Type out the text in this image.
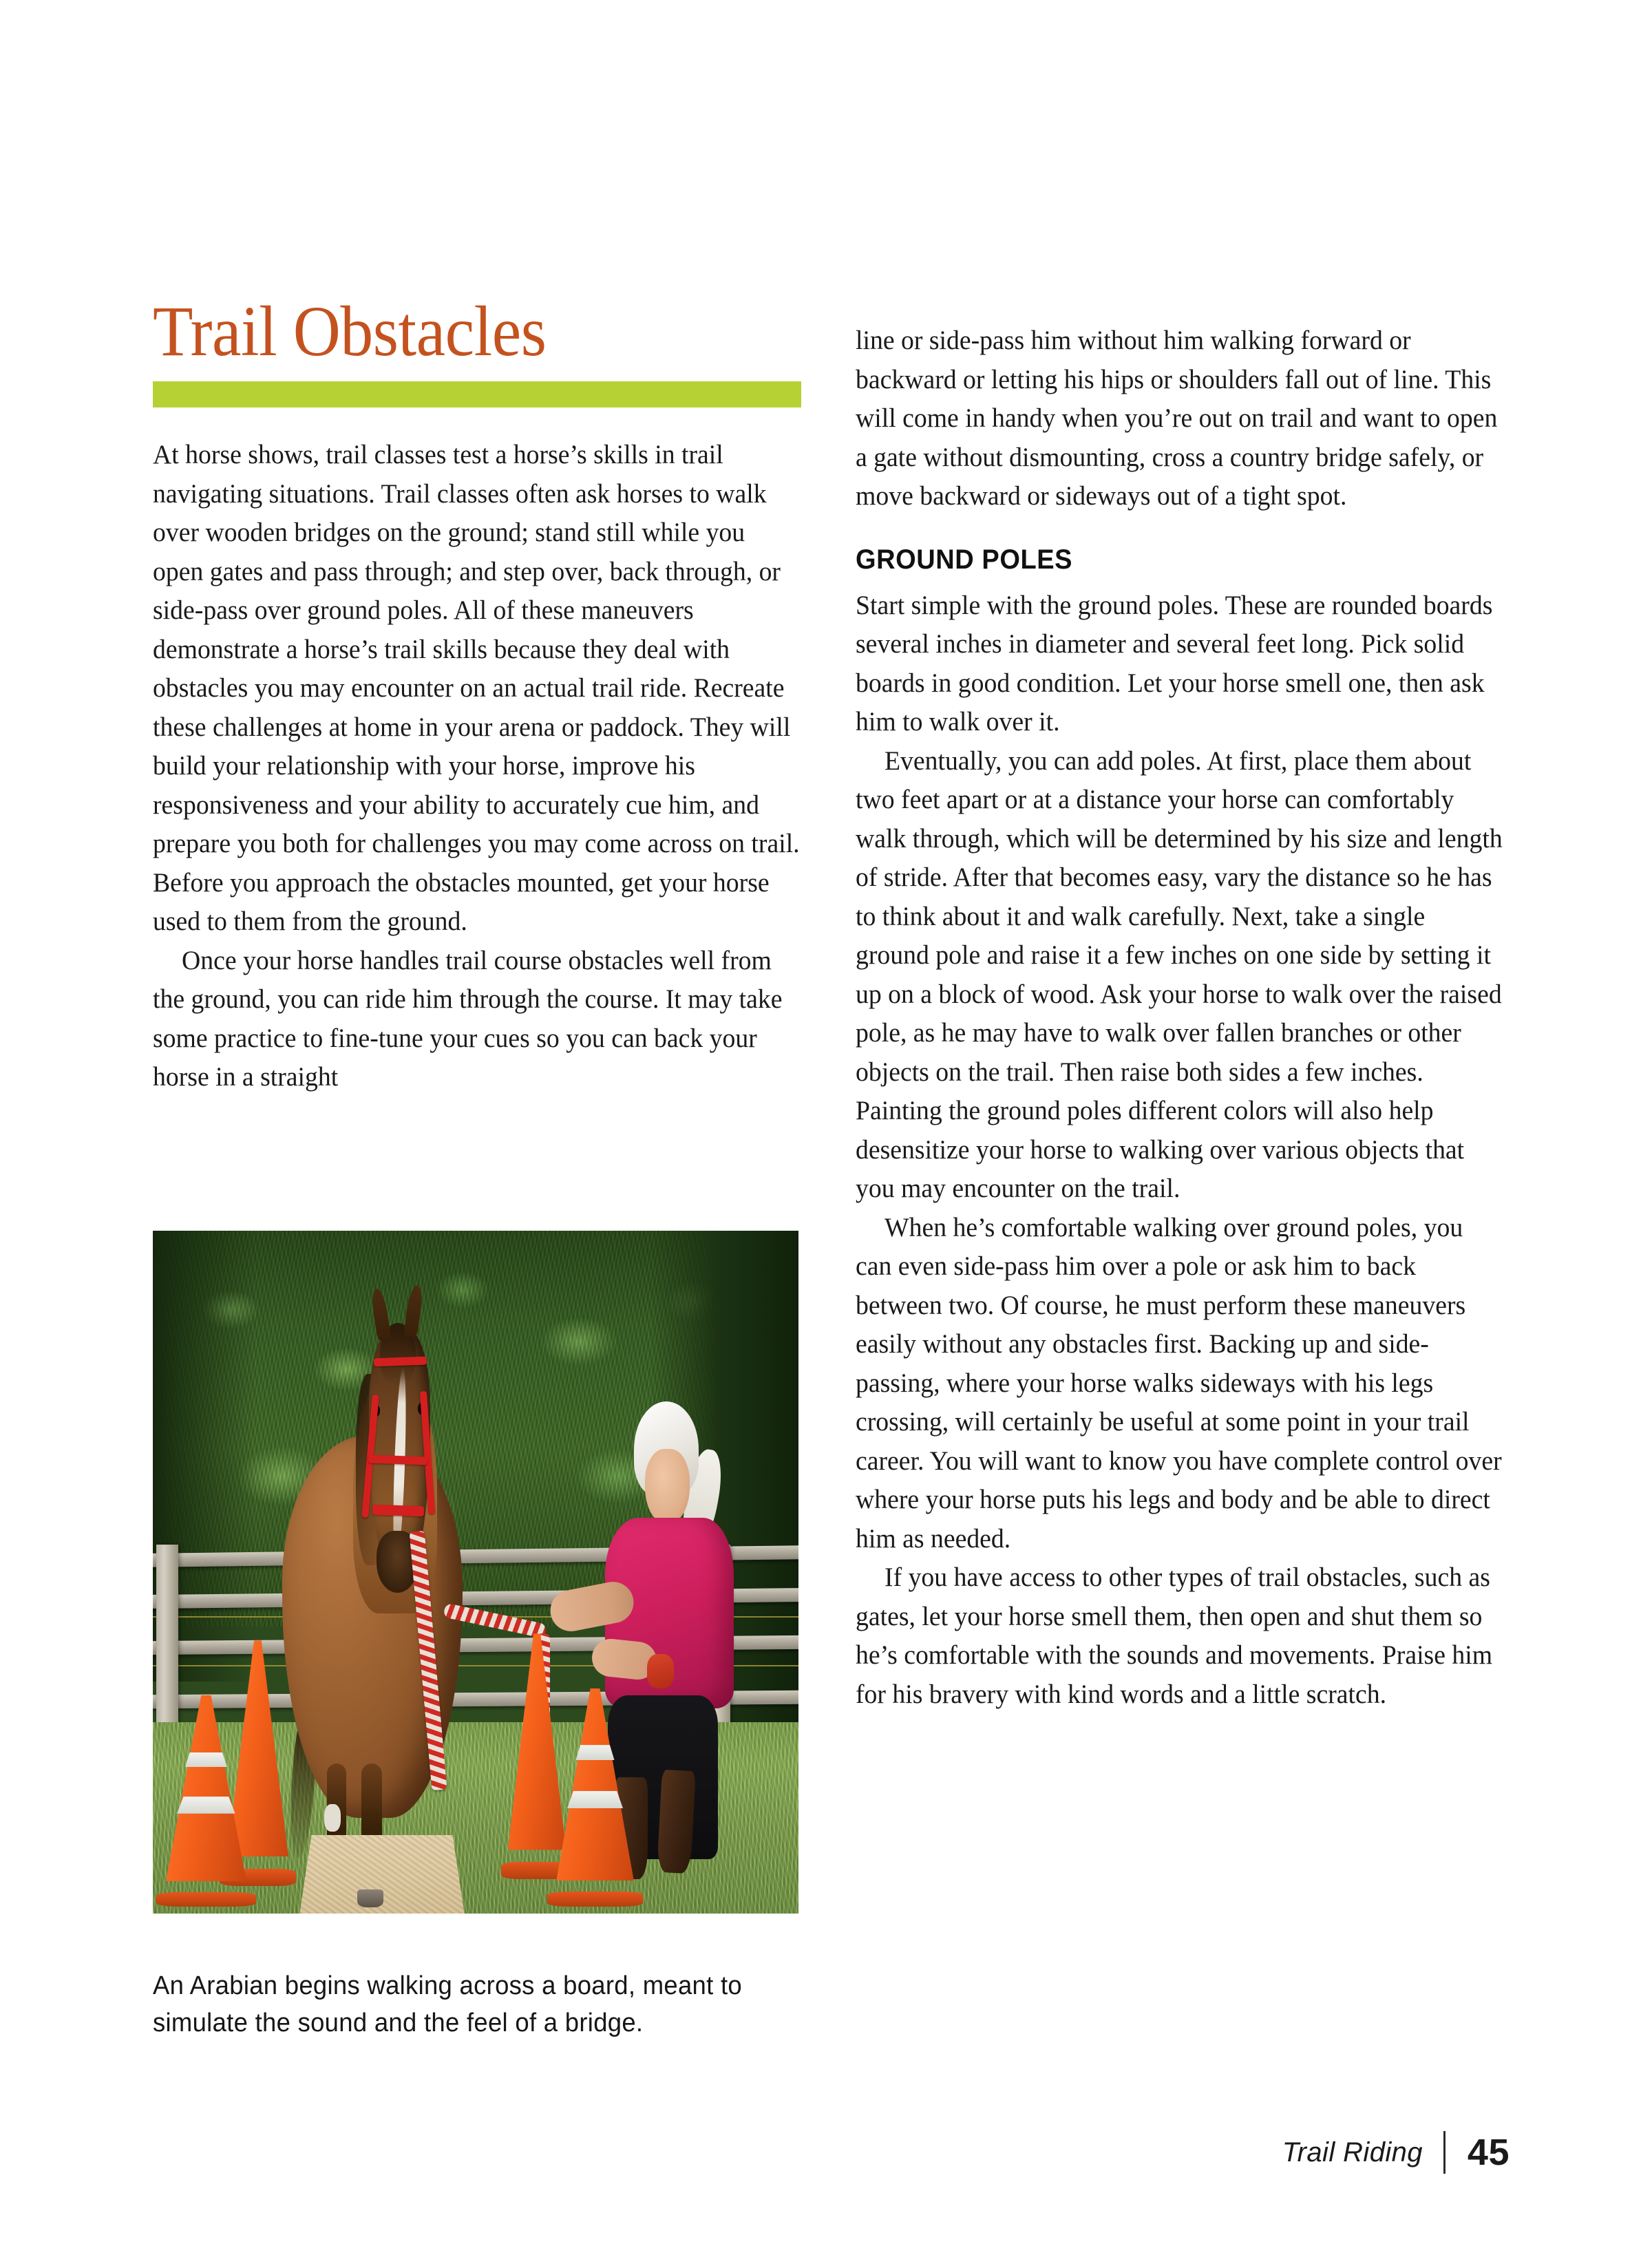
Trail Obstacles

At horse shows, trail classes test a horse’s skills in trail navigating situations. Trail classes often ask horses to walk over wooden bridges on the ground; stand still while you open gates and pass through; and step over, back through, or side-pass over ground poles. All of these maneuvers demonstrate a horse’s trail skills because they deal with obstacles you may encounter on an actual trail ride. Recreate these challenges at home in your arena or paddock. They will build your relationship with your horse, improve his responsiveness and your ability to accurately cue him, and prepare you both for challenges you may come across on trail. Before you approach the obstacles mounted, get your horse used to them from the ground.

Once your horse handles trail course obstacles well from the ground, you can ride him through the course. It may take some practice to fine-tune your cues so you can back your horse in a straight

line or side-pass him without him walking forward or backward or letting his hips or shoulders fall out of line. This will come in handy when you’re out on trail and want to open a gate without dismounting, cross a country bridge safely, or move backward or sideways out of a tight spot.

GROUND POLES

Start simple with the ground poles. These are rounded boards several inches in diameter and several feet long. Pick solid boards in good condition. Let your horse smell one, then ask him to walk over it.

Eventually, you can add poles. At first, place them about two feet apart or at a distance your horse can comfortably walk through, which will be determined by his size and length of stride. After that becomes easy, vary the distance so he has to think about it and walk carefully. Next, take a single ground pole and raise it a few inches on one side by setting it up on a block of wood. Ask your horse to walk over the raised pole, as he may have to walk over fallen branches or other objects on the trail. Then raise both sides a few inches. Painting the ground poles different colors will also help desensitize your horse to walking over various objects that you may encounter on the trail.

When he’s comfortable walking over ground poles, you can even side-pass him over a pole or ask him to back between two. Of course, he must perform these maneuvers easily without any obstacles first. Backing up and side-passing, where your horse walks sideways with his legs crossing, will certainly be useful at some point in your trail career. You will want to know you have complete control over where your horse puts his legs and body and be able to direct him as needed.

If you have access to other types of trail obstacles, such as gates, let your horse smell them, then open and shut them so he’s comfortable with the sounds and movements. Praise him for his bravery with kind words and a little scratch.

An Arabian begins walking across a board, meant to simulate the sound and the feel of a bridge.
Trail Riding	45
